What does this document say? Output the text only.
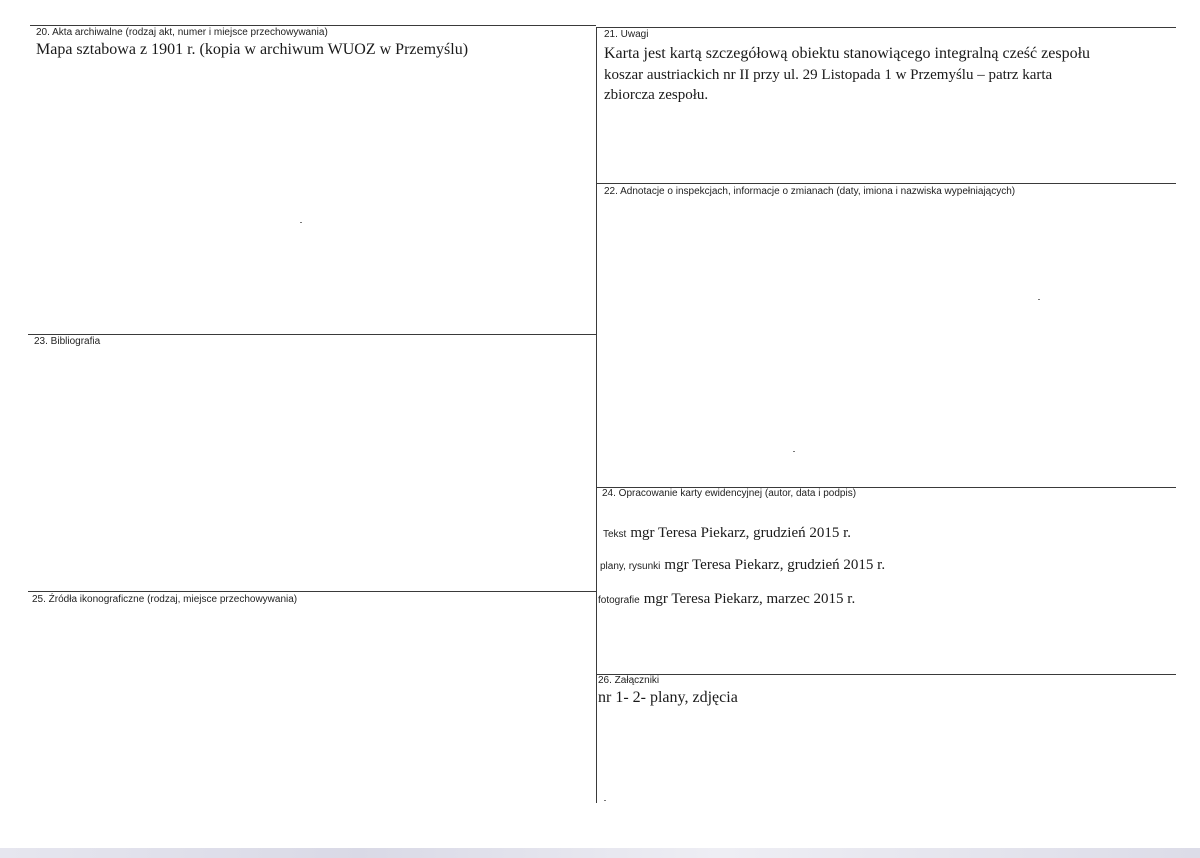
20. Akta archiwalne (rodzaj akt, numer i miejsce przechowywania)
Mapa sztabowa z 1901 r. (kopia w archiwum WUOZ w Przemyślu)
21. Uwagi
Karta jest kartą szczegółową obiektu stanowiącego integralną cześć zespołu
koszar austriackich nr II przy ul. 29 Listopada 1 w Przemyślu – patrz karta
zbiorcza zespołu.
22. Adnotacje o inspekcjach, informacje o zmianach (daty, imiona i nazwiska wypełniających)
23. Bibliografia
24. Opracowanie karty ewidencyjnej (autor, data i podpis)
Tekst mgr Teresa Piekarz, grudzień 2015 r.
plany, rysunki mgr Teresa Piekarz, grudzień 2015 r.
fotografie mgr Teresa Piekarz, marzec 2015 r.
25. Źródła ikonograficzne (rodzaj, miejsce przechowywania)
26. Załączniki
nr 1- 2- plany, zdjęcia
